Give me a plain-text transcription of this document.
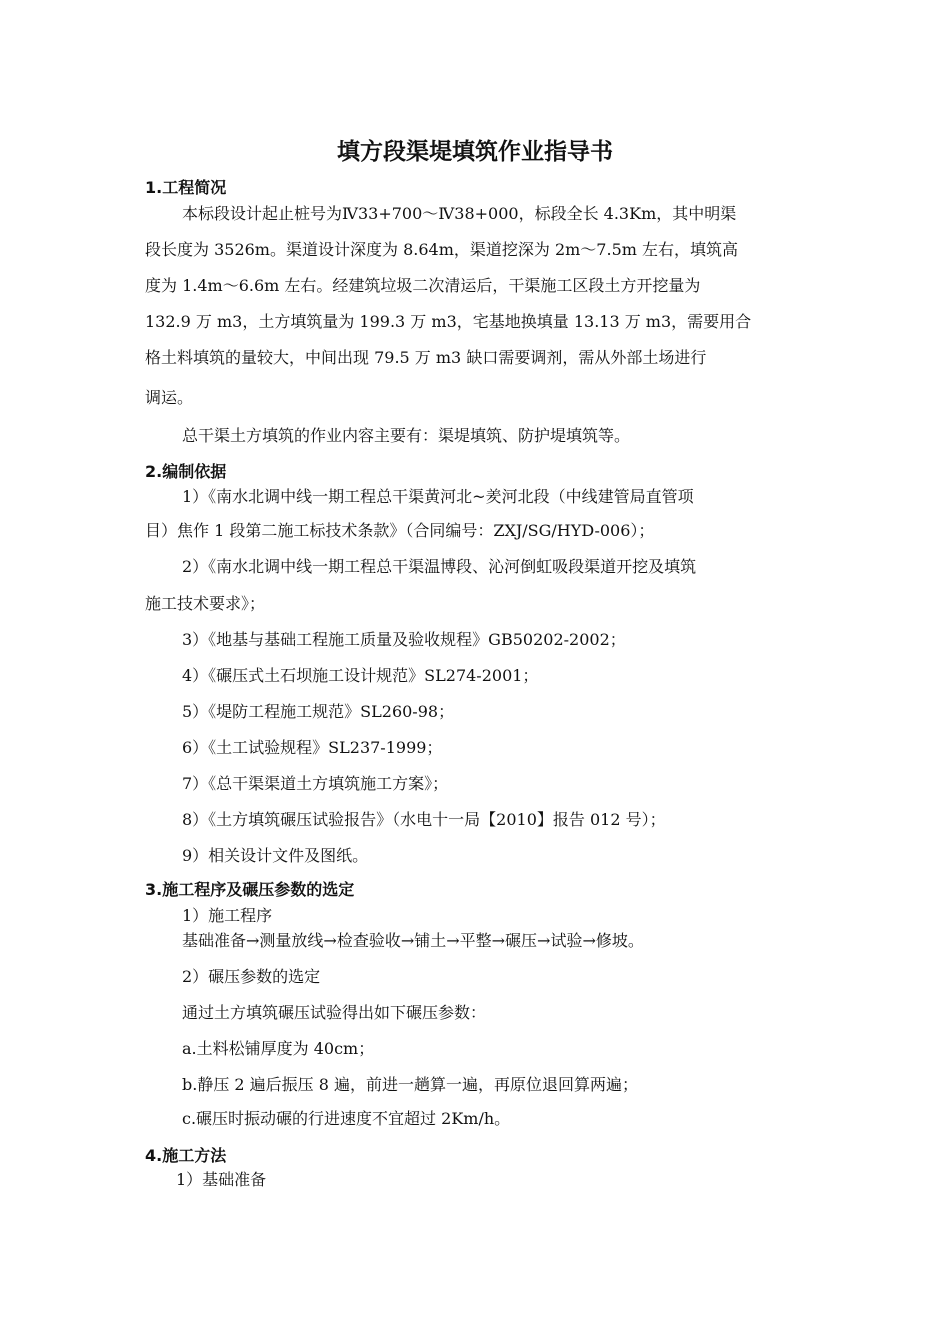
填方段渠堤填筑作业指导书
1.工程简况
本标段设计起止桩号为Ⅳ33+700～Ⅳ38+000，标段全长 4.3Km，其中明渠
段长度为 3526m。渠道设计深度为 8.64m，渠道挖深为 2m～7.5m 左右，填筑高
度为 1.4m～6.6m 左右。经建筑垃圾二次清运后，干渠施工区段土方开挖量为
132.9 万 m3，土方填筑量为 199.3 万 m3，宅基地换填量 13.13 万 m3，需要用合
格土料填筑的量较大，中间出现 79.5 万 m3 缺口需要调剂，需从外部土场进行
调运。
总干渠土方填筑的作业内容主要有：渠堤填筑、防护堤填筑等。
2.编制依据
1）《南水北调中线一期工程总干渠黄河北~羑河北段（中线建管局直管项
目）焦作 1 段第二施工标技术条款》（合同编号：ZXJ/SG/HYD-006）；
2）《南水北调中线一期工程总干渠温博段、沁河倒虹吸段渠道开挖及填筑
施工技术要求》；
3）《地基与基础工程施工质量及验收规程》GB50202-2002；
4）《碾压式土石坝施工设计规范》SL274-2001；
5）《堤防工程施工规范》SL260-98；
6）《土工试验规程》SL237-1999；
7）《总干渠渠道土方填筑施工方案》；
8）《土方填筑碾压试验报告》（水电十一局【2010】报告 012 号）；
9）相关设计文件及图纸。
3.施工程序及碾压参数的选定
1）施工程序
基础准备→测量放线→检查验收→铺土→平整→碾压→试验→修坡。
2）碾压参数的选定
通过土方填筑碾压试验得出如下碾压参数：
a.土料松铺厚度为 40cm；
b.静压 2 遍后振压 8 遍，前进一趟算一遍，再原位退回算两遍；
c.碾压时振动碾的行进速度不宜超过 2Km/h。
4.施工方法
1）基础准备
